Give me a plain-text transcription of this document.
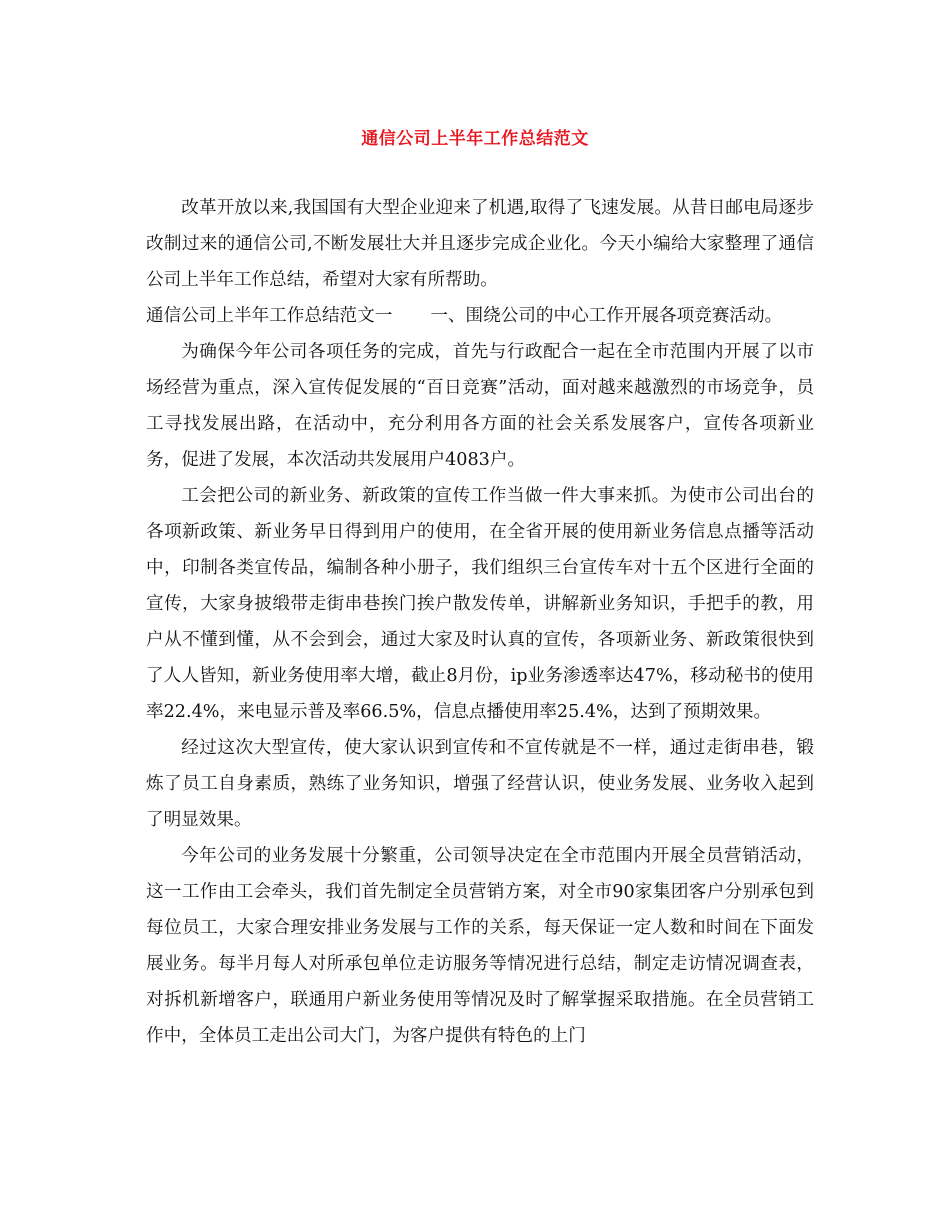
通信公司上半年工作总结范文

改革开放以来,我国国有大型企业迎来了机遇,取得了飞速发展。从昔日邮电局逐步改制过来的通信公司,不断发展壮大并且逐步完成企业化。今天小编给大家整理了通信公司上半年工作总结，希望对大家有所帮助。

通信公司上半年工作总结范文一 一、围绕公司的中心工作开展各项竞赛活动。

为确保今年公司各项任务的完成，首先与行政配合一起在全市范围内开展了以市场经营为重点，深入宣传促发展的“百日竞赛”活动，面对越来越激烈的市场竞争，员工寻找发展出路，在活动中，充分利用各方面的社会关系发展客户，宣传各项新业务，促进了发展，本次活动共发展用户4083户。

工会把公司的新业务、新政策的宣传工作当做一件大事来抓。为使市公司出台的各项新政策、新业务早日得到用户的使用，在全省开展的使用新业务信息点播等活动中，印制各类宣传品，编制各种小册子，我们组织三台宣传车对十五个区进行全面的宣传，大家身披缎带走街串巷挨门挨户散发传单，讲解新业务知识，手把手的教，用户从不懂到懂，从不会到会，通过大家及时认真的宣传，各项新业务、新政策很快到了人人皆知，新业务使用率大增，截止8月份，ip业务渗透率达47%，移动秘书的使用率22.4%，来电显示普及率66.5%，信息点播使用率25.4%，达到了预期效果。

经过这次大型宣传，使大家认识到宣传和不宣传就是不一样，通过走街串巷，锻炼了员工自身素质，熟练了业务知识，增强了经营认识，使业务发展、业务收入起到了明显效果。

今年公司的业务发展十分繁重，公司领导决定在全市范围内开展全员营销活动，这一工作由工会牵头，我们首先制定全员营销方案，对全市90家集团客户分别承包到每位员工，大家合理安排业务发展与工作的关系，每天保证一定人数和时间在下面发展业务。每半月每人对所承包单位走访服务等情况进行总结，制定走访情况调查表，对拆机新增客户，联通用户新业务使用等情况及时了解掌握采取措施。在全员营销工作中，全体员工走出公司大门，为客户提供有特色的上门
